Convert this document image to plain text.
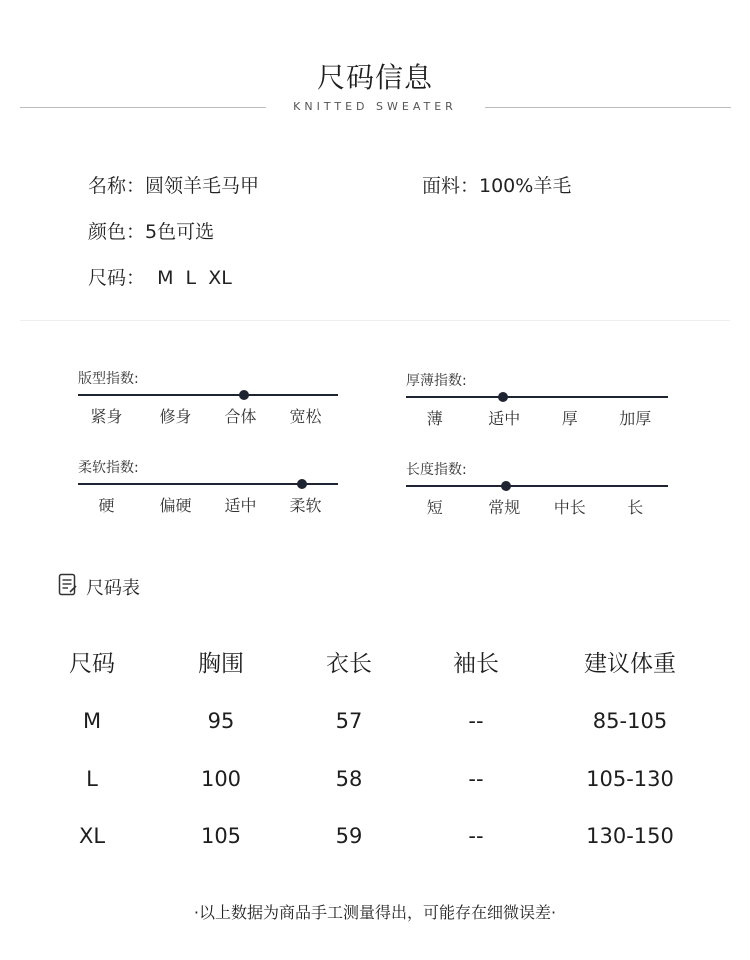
尺码信息
KNITTED SWEATER
名称：圆领羊毛马甲	面料：100%羊毛
颜色：5色可选
尺码：  M  L  XL
版型指数:
紧身	修身	合体	宽松
厚薄指数:
薄	适中	厚	加厚
柔软指数:
硬	偏硬	适中	柔软
长度指数:
短	常规	中长	长
尺码表
尺码	胸围	衣长	袖长	建议体重
M	95	57	--	85-105
L	100	58	--	105-130
XL	105	59	--	130-150
·以上数据为商品手工测量得出，可能存在细微误差·
